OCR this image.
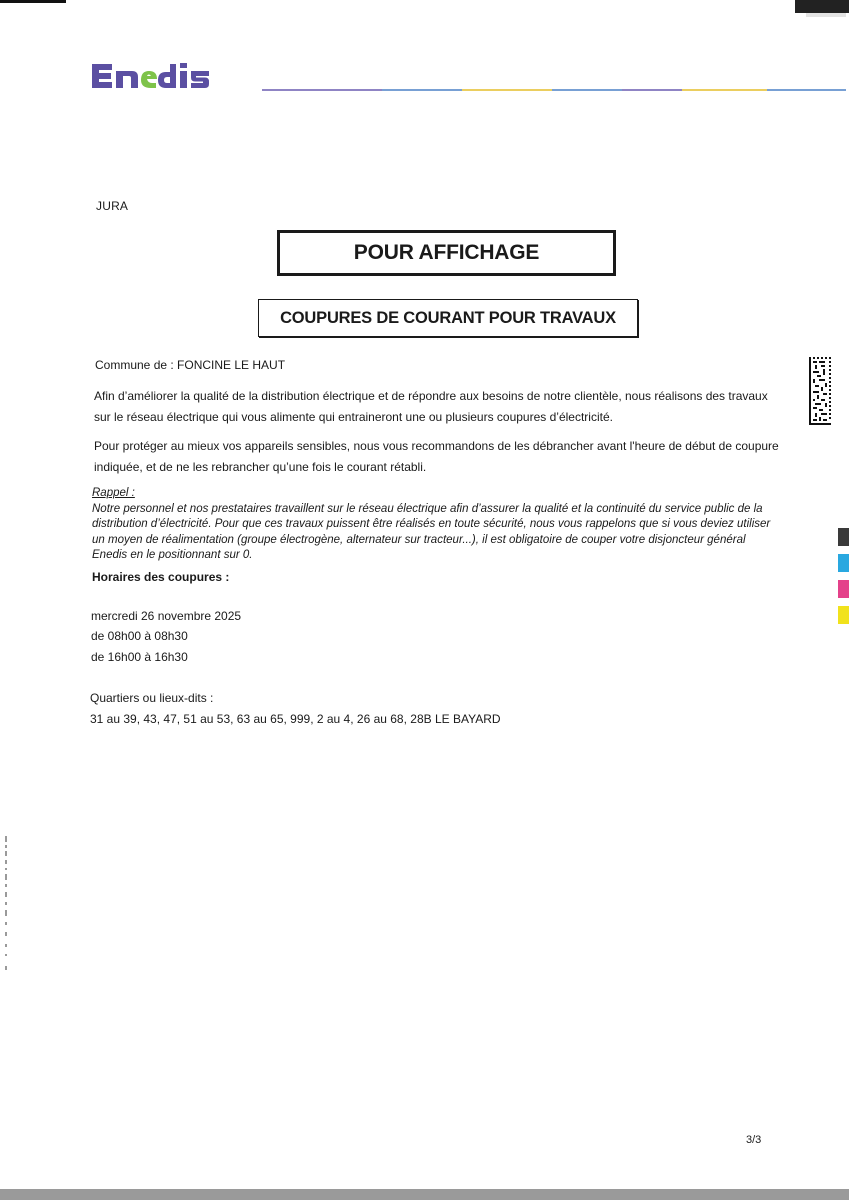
JURA
POUR AFFICHAGE
COUPURES DE COURANT POUR TRAVAUX
Commune de : FONCINE LE HAUT
Afin d’améliorer la qualité de la distribution électrique et de répondre aux besoins de notre clientèle, nous réalisons des travaux sur le réseau électrique qui vous alimente qui entraineront une ou plusieurs coupures d’électricité.
Pour protéger au mieux vos appareils sensibles, nous vous recommandons de les débrancher avant l'heure de début de coupure indiquée, et de ne les rebrancher qu’une fois le courant rétabli.
Rappel :
Notre personnel et nos prestataires travaillent sur le réseau électrique afin d’assurer la qualité et la continuité du service public de la distribution d’électricité. Pour que ces travaux puissent être réalisés en toute sécurité, nous vous rappelons que si vous deviez utiliser un moyen de réalimentation (groupe électrogène, alternateur sur tracteur...), il est obligatoire de couper votre disjoncteur général Enedis en le positionnant sur 0.
Horaires des coupures :
mercredi 26 novembre 2025
de 08h00 à 08h30
de 16h00 à 16h30
Quartiers ou lieux-dits :
31 au 39, 43, 47, 51 au 53, 63 au 65, 999, 2 au 4, 26 au 68, 28B LE BAYARD
3/3
